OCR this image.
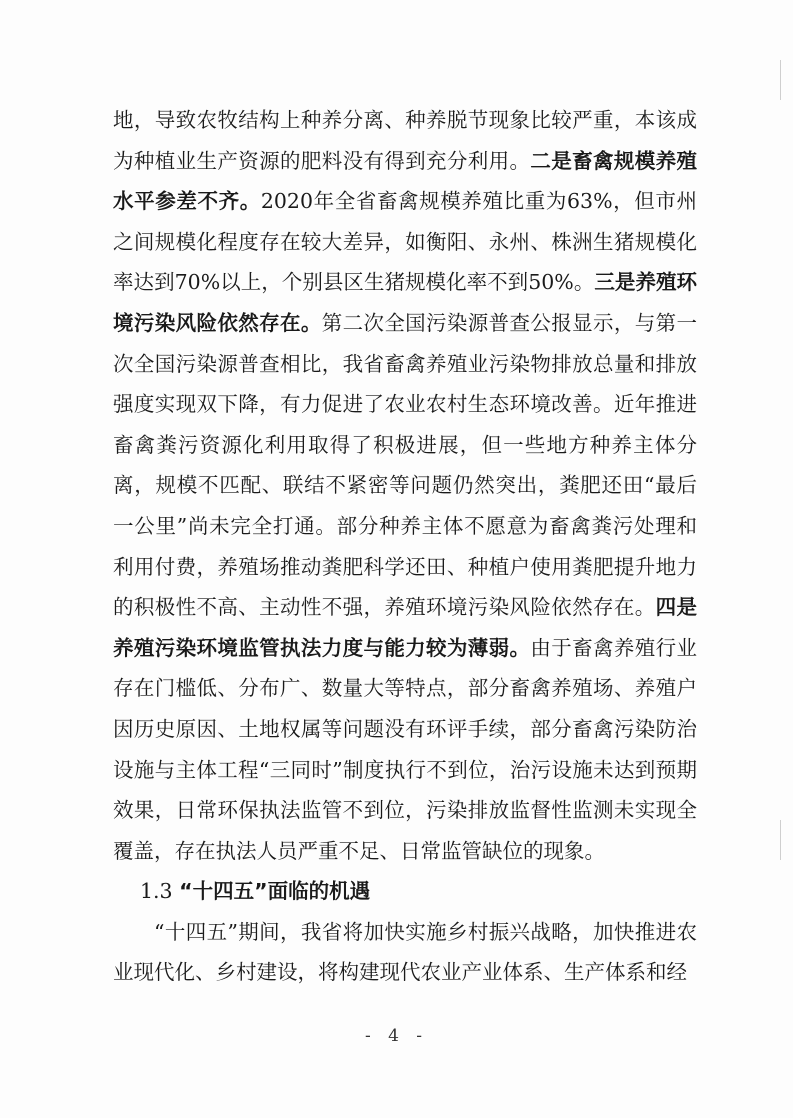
地，导致农牧结构上种养分离、种养脱节现象比较严重，本该成为种植业生产资源的肥料没有得到充分利用。二是畜禽规模养殖水平参差不齐。2020年全省畜禽规模养殖比重为63%，但市州之间规模化程度存在较大差异，如衡阳、永州、株洲生猪规模化率达到70%以上，个别县区生猪规模化率不到50%。三是养殖环境污染风险依然存在。第二次全国污染源普查公报显示，与第一次全国污染源普查相比，我省畜禽养殖业污染物排放总量和排放强度实现双下降，有力促进了农业农村生态环境改善。近年推进畜禽粪污资源化利用取得了积极进展，但一些地方种养主体分离，规模不匹配、联结不紧密等问题仍然突出，粪肥还田“最后一公里”尚未完全打通。部分种养主体不愿意为畜禽粪污处理和利用付费，养殖场推动粪肥科学还田、种植户使用粪肥提升地力的积极性不高、主动性不强，养殖环境污染风险依然存在。四是养殖污染环境监管执法力度与能力较为薄弱。由于畜禽养殖行业存在门槛低、分布广、数量大等特点，部分畜禽养殖场、养殖户因历史原因、土地权属等问题没有环评手续，部分畜禽污染防治设施与主体工程“三同时”制度执行不到位，治污设施未达到预期效果，日常环保执法监管不到位，污染排放监督性监测未实现全覆盖，存在执法人员严重不足、日常监管缺位的现象。

1.3 “十四五”面临的机遇

“十四五”期间，我省将加快实施乡村振兴战略，加快推进农业现代化、乡村建设，将构建现代农业产业体系、生产体系和经

- 4 -
